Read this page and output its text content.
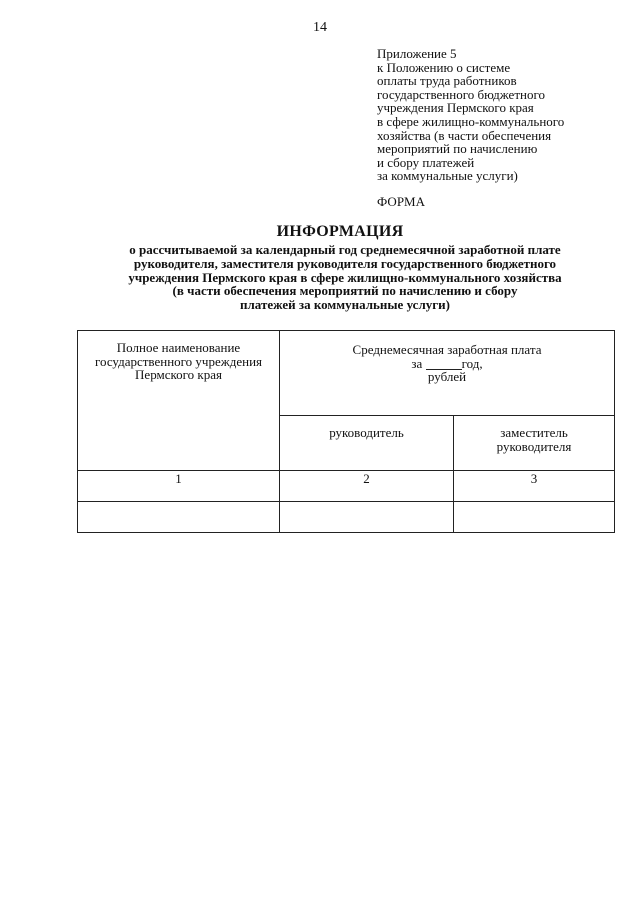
14
Приложение 5
к Положению о системе
оплаты труда работников
государственного бюджетного
учреждения Пермского края
в сфере жилищно-коммунального
хозяйства (в части обеспечения
мероприятий по начислению
и сбору платежей
за коммунальные услуги)
ФОРМА
ИНФОРМАЦИЯ
о рассчитываемой за календарный год среднемесячной заработной плате
руководителя, заместителя руководителя государственного бюджетного
учреждения Пермского края в сфере жилищно-коммунального хозяйства
(в части обеспечения мероприятий по начислению и сбору
платежей за коммунальные услуги)
Полное наименование
государственного учреждения
Пермского края	Среднемесячная заработная плата
за год,
рублей	

	руководитель	заместитель
руководителя

1	2	3
